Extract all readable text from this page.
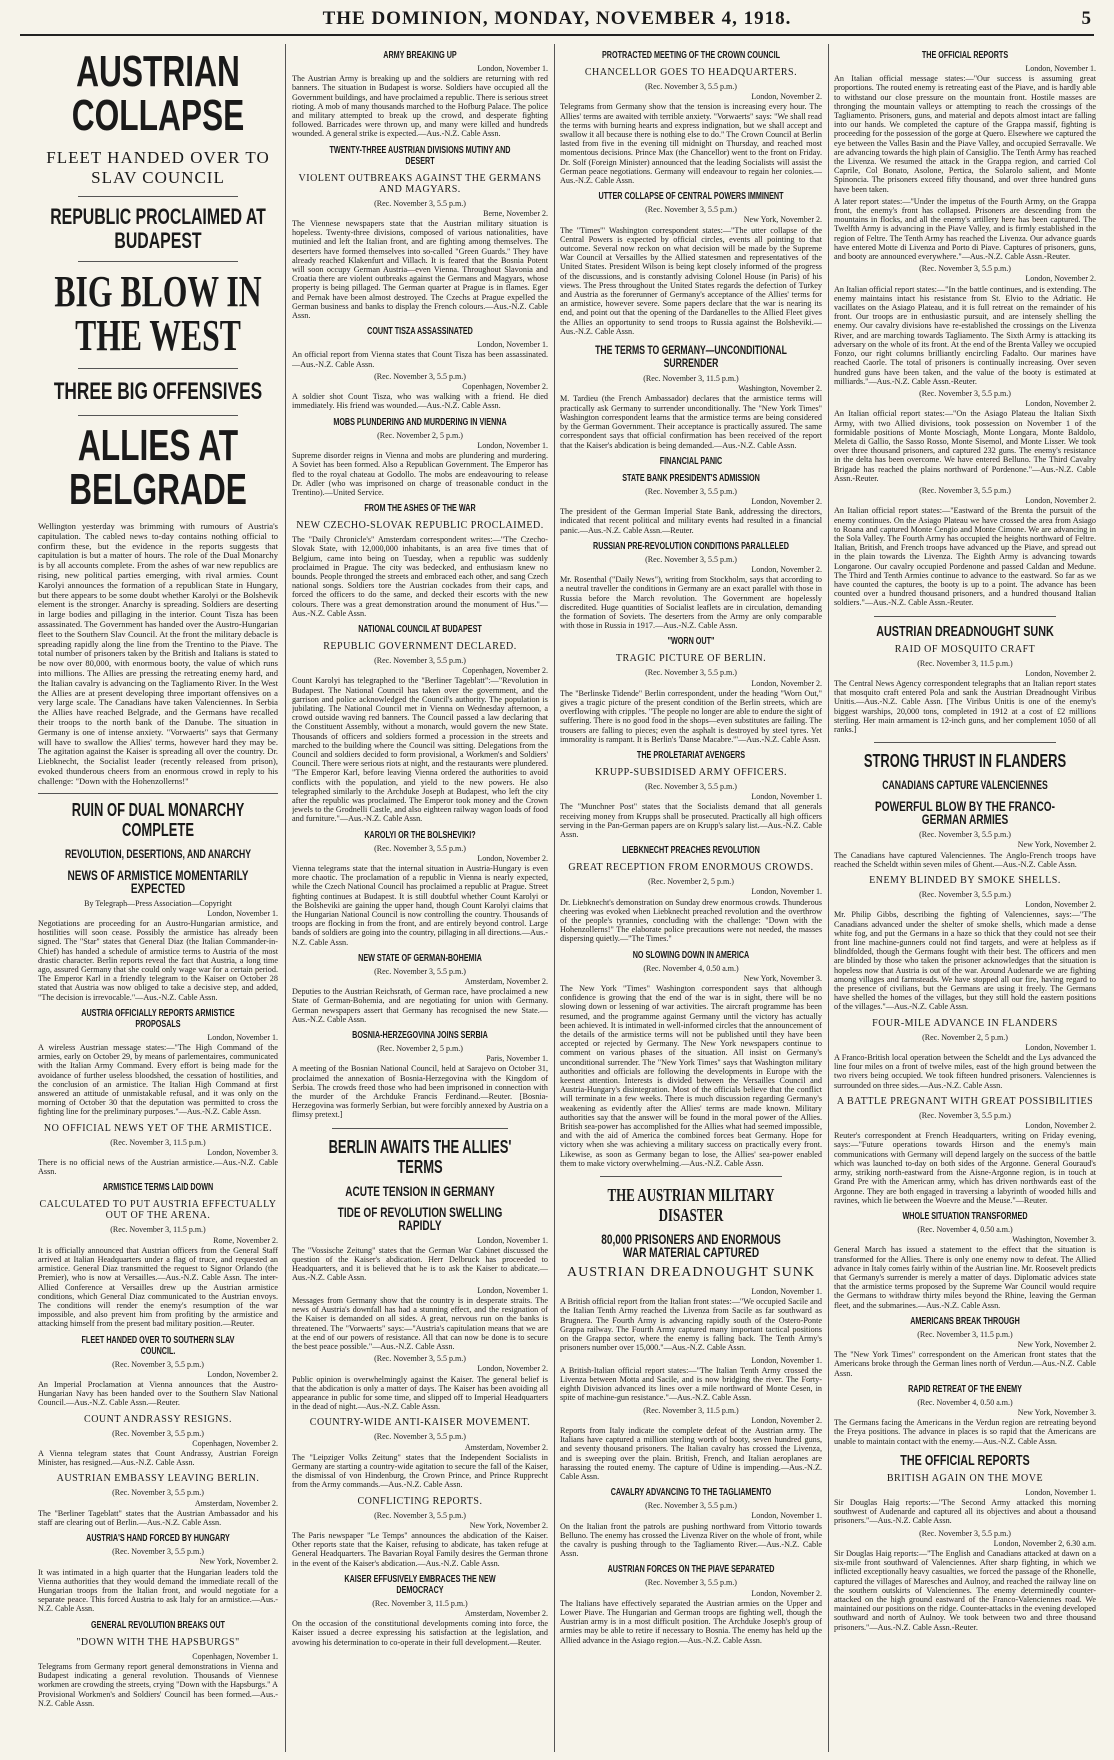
THE DOMINION, MONDAY, NOVEMBER 4, 1918.	5
AUSTRIAN COLLAPSE
FLEET HANDED OVER TO SLAV COUNCIL
REPUBLIC PROCLAIMED AT BUDAPEST
BIG BLOW IN THE WEST
THREE BIG OFFENSIVES
ALLIES AT BELGRADE
Wellington yesterday was brimming with rumours of Austria's capitulation. The cabled news to-day contains nothing official to confirm these, but the evidence in the reports suggests that capitulation is but a matter of hours. The role of the Dual Monarchy is by all accounts complete. From the ashes of war new republics are rising, new political parties emerging, with rival armies. Count Karolyi announces the formation of a republican State in Hungary, but there appears to be some doubt whether Karolyi or the Bolshevik element is the stronger. Anarchy is spreading. Soldiers are deserting in large bodies and pillaging in the interior. Count Tisza has been assassinated. The Government has handed over the Austro-Hungarian fleet to the Southern Slav Council. At the front the military debacle is spreading rapidly along the line from the Trentino to the Piave. The total number of prisoners taken by the British and Italians is stated to be now over 80,000, with enormous booty, the value of which runs into millions. The Allies are pressing the retreating enemy hard, and the Italian cavalry is advancing on the Tagliamento River. In the West the Allies are at present developing three important offensives on a very large scale. The Canadians have taken Valenciennes. In Serbia the Allies have reached Belgrade, and the Germans have recalled their troops to the north bank of the Danube. The situation in Germany is one of intense anxiety. "Vorwaerts" says that Germany will have to swallow the Allies' terms, however hard they may be. The agitation against the Kaiser is spreading all over the country. Dr. Liebknecht, the Socialist leader (recently released from prison), evoked thunderous cheers from an enormous crowd in reply to his challenge: "Down with the Hohenzollerns!"
RUIN OF DUAL MONARCHY COMPLETE
REVOLUTION, DESERTIONS, AND ANARCHY
NEWS OF ARMISTICE MOMENTARILY EXPECTED
By Telegraph—Press Association—Copyright
London, November 1.
Negotiations are proceeding for an Austro-Hungarian armistice, and hostilities will soon cease. Possibly the armistice has already been signed. The "Star" states that General Diaz (the Italian Commander-in-Chief) has handed a schedule of armistice terms to Austria of the most drastic character. Berlin reports reveal the fact that Austria, a long time ago, assured Germany that she could only wage war for a certain period. The Emperor Karl in a friendly telegram to the Kaiser on October 28 stated that Austria was now obliged to take a decisive step, and added, "The decision is irrevocable."—Aus.-N.Z. Cable Assn.
AUSTRIA OFFICIALLY REPORTS ARMISTICE PROPOSALS
London, November 1.
A wireless Austrian message states:—"The High Command of the armies, early on October 29, by means of parlementaires, communicated with the Italian Army Command. Every effort is being made for the avoidance of further useless bloodshed, the cessation of hostilities, and the conclusion of an armistice. The Italian High Command at first answered an attitude of unmistakable refusal, and it was only on the morning of October 30 that the deputation was permitted to cross the fighting line for the preliminary purposes."—Aus.-N.Z. Cable Assn.
NO OFFICIAL NEWS YET OF THE ARMISTICE.
(Rec. November 3, 11.5 p.m.)
London, November 3.
There is no official news of the Austrian armistice.—Aus.-N.Z. Cable Assn.
ARMISTICE TERMS LAID DOWN
CALCULATED TO PUT AUSTRIA EFFECTUALLY OUT OF THE ARENA.
(Rec. November 3, 11.5 p.m.)
Rome, November 2.
It is officially announced that Austrian officers from the General Staff arrived at Italian Headquarters under a flag of truce, and requested an armistice. General Diaz transmitted the request to Signor Orlando (the Premier), who is now at Versailles.—Aus.-N.Z. Cable Assn. The inter-Allied Conference at Versailles drew up the Austrian armistice conditions, which General Diaz communicated to the Austrian envoys. The conditions will render the enemy's resumption of the war impossible, and also prevent him from profiting by the armistice and attacking himself from the present bad military position.—Reuter.
FLEET HANDED OVER TO SOUTHERN SLAV COUNCIL.
(Rec. November 3, 5.5 p.m.)
London, November 2.
An Imperial Proclamation at Vienna announces that the Austro-Hungarian Navy has been handed over to the Southern Slav National Council.—Aus.-N.Z. Cable Assn.—Reuter.
COUNT ANDRASSY RESIGNS.
(Rec. November 3, 5.5 p.m.)
Copenhagen, November 2.
A Vienna telegram states that Count Andrassy, Austrian Foreign Minister, has resigned.—Aus.-N.Z. Cable Assn.
AUSTRIAN EMBASSY LEAVING BERLIN.
(Rec. November 3, 5.5 p.m.)
Amsterdam, November 2.
The "Berliner Tageblatt" states that the Austrian Ambassador and his staff are clearing out of Berlin.—Aus.-N.Z. Cable Assn.
AUSTRIA'S HAND FORCED BY HUNGARY
(Rec. November 3, 5.5 p.m.)
New York, November 2.
It was intimated in a high quarter that the Hungarian leaders told the Vienna authorities that they would demand the immediate recall of the Hungarian troops from the Italian front, and would negotiate for a separate peace. This forced Austria to ask Italy for an armistice.—Aus.-N.Z. Cable Assn.
GENERAL REVOLUTION BREAKS OUT
"DOWN WITH THE HAPSBURGS"
Copenhagen, November 1.
Telegrams from Germany report general demonstrations in Vienna and Budapest indicating a general revolution. Thousands of Viennese workmen are crowding the streets, crying "Down with the Hapsburgs." A Provisional Workmen's and Soldiers' Council has been formed.—Aus.-N.Z. Cable Assn.
ARMY BREAKING UP
London, November 1.
The Austrian Army is breaking up and the soldiers are returning with red banners. The situation in Budapest is worse. Soldiers have occupied all the Government buildings, and have proclaimed a republic. There is serious street rioting. A mob of many thousands marched to the Hofburg Palace. The police and military attempted to break up the crowd, and desperate fighting followed. Barricades were thrown up, and many were killed and hundreds wounded. A general strike is expected.—Aus.-N.Z. Cable Assn.
TWENTY-THREE AUSTRIAN DIVISIONS MUTINY AND DESERT
VIOLENT OUTBREAKS AGAINST THE GERMANS AND MAGYARS.
(Rec. November 3, 5.5 p.m.)
Berne, November 2.
The Viennese newspapers state that the Austrian military situation is hopeless. Twenty-three divisions, composed of various nationalities, have mutinied and left the Italian front, and are fighting among themselves. The deserters have formed themselves into so-called "Green Guards." They have already reached Klakenfurt and Villach. It is feared that the Bosnia Potent will soon occupy German Austria—even Vienna. Throughout Slavonia and Croatia there are violent outbreaks against the Germans and Magyars, whose property is being pillaged. The German quarter at Prague is in flames. Eger and Pernak have been almost destroyed. The Czechs at Prague expelled the German business and banks to display the French colours.—Aus.-N.Z. Cable Assn.
COUNT TISZA ASSASSINATED
London, November 1.
An official report from Vienna states that Count Tisza has been assassinated.—Aus.-N.Z. Cable Assn.
(Rec. November 3, 5.5 p.m.)
Copenhagen, November 2.
A soldier shot Count Tisza, who was walking with a friend. He died immediately. His friend was wounded.—Aus.-N.Z. Cable Assn.
MOBS PLUNDERING AND MURDERING IN VIENNA
(Rec. November 2, 5 p.m.)
London, November 1.
Supreme disorder reigns in Vienna and mobs are plundering and murdering. A Soviet has been formed. Also a Republican Government. The Emperor has fled to the royal chateau at Godollo. The mobs are endeavouring to release Dr. Adler (who was imprisoned on charge of treasonable conduct in the Trentino).—United Service.
FROM THE ASHES OF THE WAR
NEW CZECHO-SLOVAK REPUBLIC PROCLAIMED.
The "Daily Chronicle's" Amsterdam correspondent writes:—"The Czecho-Slovak State, with 12,000,000 inhabitants, is an area five times that of Belgium, came into being on Tuesday, when a republic was suddenly proclaimed in Prague. The city was bedecked, and enthusiasm knew no bounds. People thronged the streets and embraced each other, and sang Czech national songs. Soldiers tore the Austrian cockades from their caps, and forced the officers to do the same, and decked their escorts with the new colours. There was a great demonstration around the monument of Hus."—Aus.-N.Z. Cable Assn.
NATIONAL COUNCIL AT BUDAPEST
REPUBLIC GOVERNMENT DECLARED.
(Rec. November 3, 5.5 p.m.)
Copenhagen, November 2.
Count Karolyi has telegraphed to the "Berliner Tageblatt":—"Revolution in Budapest. The National Council has taken over the government, and the garrison and police acknowledged the Council's authority. The population is jubilating. The National Council met in Vienna on Wednesday afternoon, a crowd outside waving red banners. The Council passed a law declaring that the Constituent Assembly, without a monarch, would govern the new State. Thousands of officers and soldiers formed a procession in the streets and marched to the building where the Council was sitting. Delegations from the Council and soldiers decided to form provisional, a Workmen's and Soldiers' Council. There were serious riots at night, and the restaurants were plundered. "The Emperor Karl, before leaving Vienna ordered the authorities to avoid conflicts with the population, and yield to the new powers. He also telegraphed similarly to the Archduke Joseph at Budapest, who left the city after the republic was proclaimed. The Emperor took money and the Crown jewels to the Grodnelli Castle, and also eighteen railway wagon loads of food and furniture."—Aus.-N.Z. Cable Assn.
KAROLYI OR THE BOLSHEVIKI?
(Rec. November 3, 5.5 p.m.)
London, November 2.
Vienna telegrams state that the internal situation in Austria-Hungary is even more chaotic. The proclamation of a republic in Vienna is nearly expected, while the Czech National Council has proclaimed a republic at Prague. Street fighting continues at Budapest. It is still doubtful whether Count Karolyi or the Bolsheviki are gaining the upper hand, though Count Karolyi claims that the Hungarian National Council is now controlling the country. Thousands of troops are flocking in from the front, and are entirely beyond control. Large bands of soldiers are going into the country, pillaging in all directions.—Aus.-N.Z. Cable Assn.
NEW STATE OF GERMAN-BOHEMIA
(Rec. November 3, 5.5 p.m.)
Amsterdam, November 2.
Deputies to the Austrian Reichsrath, of German race, have proclaimed a new State of German-Bohemia, and are negotiating for union with Germany. German newspapers assert that Germany has recognised the new State.—Aus.-N.Z. Cable Assn.
BOSNIA-HERZEGOVINA JOINS SERBIA
(Rec. November 2, 5 p.m.)
Paris, November 1.
A meeting of the Bosnian National Council, held at Sarajevo on October 31, proclaimed the annexation of Bosnia-Herzegovina with the Kingdom of Serbia. The crowds freed those who had been imprisoned in connection with the murder of the Archduke Francis Ferdinand.—Reuter. [Bosnia-Herzegovina was formerly Serbian, but were forcibly annexed by Austria on a flimsy pretext.]
BERLIN AWAITS THE ALLIES' TERMS
ACUTE TENSION IN GERMANY
TIDE OF REVOLUTION SWELLING RAPIDLY
London, November 1.
The "Vossische Zeitung" states that the German War Cabinet discussed the question of the Kaiser's abdication. Herr Delbruck has proceeded to Headquarters, and it is believed that he is to ask the Kaiser to abdicate.—Aus.-N.Z. Cable Assn.
London, November 1.
Messages from Germany show that the country is in desperate straits. The news of Austria's downfall has had a stunning effect, and the resignation of the Kaiser is demanded on all sides. A great, nervous run on the banks is threatened. The "Vorwaerts" says:—"Austria's capitulation means that we are at the end of our powers of resistance. All that can now be done is to secure the best peace possible."—Aus.-N.Z. Cable Assn.
(Rec. November 3, 5.5 p.m.)
London, November 2.
Public opinion is overwhelmingly against the Kaiser. The general belief is that the abdication is only a matter of days. The Kaiser has been avoiding all appearance in public for some time, and slipped off to Imperial Headquarters in the dead of night.—Aus.-N.Z. Cable Assn.
COUNTRY-WIDE ANTI-KAISER MOVEMENT.
(Rec. November 3, 5.5 p.m.)
Amsterdam, November 2.
The "Leipziger Volks Zeitung" states that the Independent Socialists in Germany are starting a country-wide agitation to secure the fall of the Kaiser, the dismissal of von Hindenburg, the Crown Prince, and Prince Rupprecht from the Army commands.—Aus.-N.Z. Cable Assn.
CONFLICTING REPORTS.
(Rec. November 3, 5.5 p.m.)
New York, November 2.
The Paris newspaper "Le Temps" announces the abdication of the Kaiser. Other reports state that the Kaiser, refusing to abdicate, has taken refuge at General Headquarters. The Bavarian Royal Family desires the German throne in the event of the Kaiser's abdication.—Aus.-N.Z. Cable Assn.
KAISER EFFUSIVELY EMBRACES THE NEW DEMOCRACY
(Rec. November 3, 11.5 p.m.)
Amsterdam, November 2.
On the occasion of the constitutional developments coming into force, the Kaiser issued a decree expressing his satisfaction at the legislation, and avowing his determination to co-operate in their full development.—Reuter.
PROTRACTED MEETING OF THE CROWN COUNCIL
CHANCELLOR GOES TO HEADQUARTERS.
(Rec. November 3, 5.5 p.m.)
London, November 2.
Telegrams from Germany show that the tension is increasing every hour. The Allies' terms are awaited with terrible anxiety. "Vorwaerts" says: "We shall read the terms with burning hearts and express indignation, but we shall accept and swallow it all because there is nothing else to do." The Crown Council at Berlin lasted from five in the evening till midnight on Thursday, and reached most momentous decisions. Prince Max (the Chancellor) went to the front on Friday. Dr. Solf (Foreign Minister) announced that the leading Socialists will assist the German peace negotiations. Germany will endeavour to regain her colonies.—Aus.-N.Z. Cable Assn.
UTTER COLLAPSE OF CENTRAL POWERS IMMINENT
(Rec. November 3, 5.5 p.m.)
New York, November 2.
The "Times'" Washington correspondent states:—"The utter collapse of the Central Powers is expected by official circles, events all pointing to that outcome. Several now reckon on what decision will be made by the Supreme War Council at Versailles by the Allied statesmen and representatives of the United States. President Wilson is being kept closely informed of the progress of the discussions, and is constantly advising Colonel House (in Paris) of his views. The Press throughout the United States regards the defection of Turkey and Austria as the forerunner of Germany's acceptance of the Allies' terms for an armistice, however severe. Some papers declare that the war is nearing its end, and point out that the opening of the Dardanelles to the Allied Fleet gives the Allies an opportunity to send troops to Russia against the Bolsheviki.—Aus.-N.Z. Cable Assn.
THE TERMS TO GERMANY—UNCONDITIONAL SURRENDER
(Rec. November 3, 11.5 p.m.)
Washington, November 2.
M. Tardieu (the French Ambassador) declares that the armistice terms will practically ask Germany to surrender unconditionally. The "New York Times" Washington correspondent learns that the armistice terms are being considered by the German Government. Their acceptance is practically assured. The same correspondent says that official confirmation has been received of the report that the Kaiser's abdication is being demanded.—Aus.-N.Z. Cable Assn.
FINANCIAL PANIC
STATE BANK PRESIDENT'S ADMISSION
(Rec. November 3, 5.5 p.m.)
London, November 2.
The president of the German Imperial State Bank, addressing the directors, indicated that recent political and military events had resulted in a financial panic.—Aus.-N.Z. Cable Assn.—Reuter.
RUSSIAN PRE-REVOLUTION CONDITIONS PARALLELED
(Rec. November 3, 5.5 p.m.)
London, November 2.
Mr. Rosenthal ("Daily News"), writing from Stockholm, says that according to a neutral traveller the conditions in Germany are an exact parallel with those in Russia before the March revolution. The Government are hopelessly discredited. Huge quantities of Socialist leaflets are in circulation, demanding the formation of Soviets. The deserters from the Army are only comparable with those in Russia in 1917.—Aus.-N.Z. Cable Assn.
"WORN OUT"
TRAGIC PICTURE OF BERLIN.
(Rec. November 3, 5.5 p.m.)
London, November 2.
The "Berlinske Tidende" Berlin correspondent, under the heading "Worn Out," gives a tragic picture of the present condition of the Berlin streets, which are overflowing with cripples. "The people no longer are able to endure the sight of suffering. There is no good food in the shops—even substitutes are failing. The trousers are falling to pieces; even the asphalt is destroyed by steel tyres. Yet immorality is rampant. It is Berlin's 'Danse Macabre.'"—Aus.-N.Z. Cable Assn.
THE PROLETARIAT AVENGERS
KRUPP-SUBSIDISED ARMY OFFICERS.
(Rec. November 3, 5.5 p.m.)
London, November 1.
The "Munchner Post" states that the Socialists demand that all generals receiving money from Krupps shall be prosecuted. Practically all high officers serving in the Pan-German papers are on Krupp's salary list.—Aus.-N.Z. Cable Assn.
LIEBKNECHT PREACHES REVOLUTION
GREAT RECEPTION FROM ENORMOUS CROWDS.
(Rec. November 2, 5 p.m.)
London, November 1.
Dr. Liebknecht's demonstration on Sunday drew enormous crowds. Thunderous cheering was evoked when Liebknecht preached revolution and the overthrow of the people's tyrannies, concluding with the challenge: "Down with the Hohenzollerns!" The elaborate police precautions were not needed, the masses dispersing quietly.—"The Times."
NO SLOWING DOWN IN AMERICA
(Rec. November 4, 0.50 a.m.)
New York, November 3.
The New York "Times" Washington correspondent says that although confidence is growing that the end of the war is in sight, there will be no slowing down or lessening of war activities. The aircraft programme has been resumed, and the programme against Germany until the victory has actually been achieved. It is intimated in well-informed circles that the announcement of the details of the armistice terms will not be published until they have been accepted or rejected by Germany. The New York newspapers continue to comment on various phases of the situation. All insist on Germany's unconditional surrender. The "New York Times" says that Washington military authorities and officials are following the developments in Europe with the keenest attention. Interests is divided between the Versailles Council and Austria-Hungary's disintegration. Most of the officials believe that the conflict will terminate in a few weeks. There is much discussion regarding Germany's weakening as evidently after the Allies' terms are made known. Military authorities say that the answer will be found in the moral power of the Allies. British sea-power has accomplished for the Allies what had seemed impossible, and with the aid of America the combined forces beat Germany. Hope for victory when she was achieving a military success on practically every front. Likewise, as soon as Germany began to lose, the Allies' sea-power enabled them to make victory overwhelming.—Aus.-N.Z. Cable Assn.
THE AUSTRIAN MILITARY DISASTER
80,000 PRISONERS AND ENORMOUS WAR MATERIAL CAPTURED
AUSTRIAN DREADNOUGHT SUNK
London, November 1.
A British official report from the Italian front states:—"We occupied Sacile and the Italian Tenth Army reached the Livenza from Sacile as far southward as Brugnera. The Fourth Army is advancing rapidly south of the Ostero-Ponte Grappa railway. The Fourth Army captured many important tactical positions on the Grappa sector, where the enemy is falling back. The Tenth Army's prisoners number over 15,000."—Aus.-N.Z. Cable Assn.
London, November 1.
A British-Italian official report states:—"The Italian Tenth Army crossed the Livenza between Motta and Sacile, and is now bridging the river. The Forty-eighth Division advanced its lines over a mile northward of Monte Cesen, in spite of machine-gun resistance."—Aus.-N.Z. Cable Assn.
(Rec. November 3, 11.5 p.m.)
London, November 2.
Reports from Italy indicate the complete defeat of the Austrian army. The Italians have captured a million sterling worth of booty, seven hundred guns, and seventy thousand prisoners. The Italian cavalry has crossed the Livenza, and is sweeping over the plain. British, French, and Italian aeroplanes are harassing the routed enemy. The capture of Udine is impending.—Aus.-N.Z. Cable Assn.
CAVALRY ADVANCING TO THE TAGLIAMENTO
(Rec. November 3, 5.5 p.m.)
London, November 1.
On the Italian front the patrols are pushing northward from Vittorio towards Belluno. The enemy has crossed the Livenza River on the whole of front, while the cavalry is pushing through to the Tagliamento River.—Aus.-N.Z. Cable Assn.
AUSTRIAN FORCES ON THE PIAVE SEPARATED
(Rec. November 3, 5.5 p.m.)
London, November 2.
The Italians have effectively separated the Austrian armies on the Upper and Lower Piave. The Hungarian and German troops are fighting well, though the Austrian army is in a most difficult position. The Archduke Joseph's group of armies may be able to retire if necessary to Bosnia. The enemy has held up the Allied advance in the Asiago region.—Aus.-N.Z. Cable Assn.
THE OFFICIAL REPORTS
London, November 1.
An Italian official message states:—"Our success is assuming great proportions. The routed enemy is retreating east of the Piave, and is hardly able to withstand our close pressure on the mountain front. Hostile masses are thronging the mountain valleys or attempting to reach the crossings of the Tagliamento. Prisoners, guns, and material and depots almost intact are falling into our hands. We completed the capture of the Grappa massif, fighting is proceeding for the possession of the gorge at Quero. Elsewhere we captured the eye between the Valles Basin and the Piave Valley, and occupied Serravalle. We are advancing towards the high plain of Cansiglio. The Tenth Army has reached the Livenza. We resumed the attack in the Grappa region, and carried Col Caprile, Col Bonato, Asolone, Pertica, the Solarolo salient, and Monte Spinoncia. The prisoners exceed fifty thousand, and over three hundred guns have been taken.
A later report states:—"Under the impetus of the Fourth Army, on the Grappa front, the enemy's front has collapsed. Prisoners are descending from the mountains in flocks, and all the enemy's artillery here has been captured. The Twelfth Army is advancing in the Piave Valley, and is firmly established in the region of Feltre. The Tenth Army has reached the Livenza. Our advance guards have entered Motte di Livenza and Porto di Piave. Captures of prisoners, guns, and booty are announced everywhere."—Aus.-N.Z. Cable Assn.-Reuter.
(Rec. November 3, 5.5 p.m.)
London, November 2.
An Italian official report states:—"In the battle continues, and is extending. The enemy maintains intact his resistance from St. Elvio to the Adriatic. He vacillates on the Asiago Plateau, and it is full retreat on the remainder of his front. Our troops are in enthusiastic pursuit, and are intensely shelling the enemy. Our cavalry divisions have re-established the crossings on the Livenza River, and are marching towards Tagliamento. The Sixth Army is attacking its adversary on the whole of its front. At the end of the Brenta Valley we occupied Fonzo, our right columns brilliantly encircling Fadalto. Our marines have reached Caorle. The total of prisoners is continually increasing. Over seven hundred guns have been taken, and the value of the booty is estimated at milliards."—Aus.-N.Z. Cable Assn.-Reuter.
(Rec. November 3, 5.5 p.m.)
London, November 2.
An Italian official report states:—"On the Asiago Plateau the Italian Sixth Army, with two Allied divisions, took possession on November 1 of the formidable positions of Monte Mosciagh, Monte Longara, Monte Baldolo, Meleta di Gallio, the Sasso Rosso, Monte Sisemol, and Monte Lisser. We took over three thousand prisoners, and captured 232 guns. The enemy's resistance in the delta has been overcome. We have entered Belluno. The Third Cavalry Brigade has reached the plains northward of Pordenone."—Aus.-N.Z. Cable Assn.-Reuter.
(Rec. November 3, 5.5 p.m.)
London, November 2.
An Italian official report states:—"Eastward of the Brenta the pursuit of the enemy continues. On the Asiago Plateau we have crossed the area from Asiago to Roana and captured Monte Cengio and Monte Cimone. We are advancing in the Sola Valley. The Fourth Army has occupied the heights northward of Feltre. Italian, British, and French troops have advanced up the Piave, and spread out in the plain towards the Livenza. The Eighth Army is advancing towards Longarone. Our cavalry occupied Pordenone and passed Caldan and Medune. The Third and Tenth Armies continue to advance to the eastward. So far as we have counted the captures, the booty is up to a point. The advance has been counted over a hundred thousand prisoners, and a hundred thousand Italian soldiers."—Aus.-N.Z. Cable Assn.-Reuter.
AUSTRIAN DREADNOUGHT SUNK
RAID OF MOSQUITO CRAFT
(Rec. November 3, 11.5 p.m.)
London, November 2.
The Central News Agency correspondent telegraphs that an Italian report states that mosquito craft entered Pola and sank the Austrian Dreadnought Viribus Unitis.—Aus.-N.Z. Cable Assn. [The Viribus Unitis is one of the enemy's biggest warships, 20,000 tons, completed in 1912 at a cost of £2 millions sterling. Her main armament is 12-inch guns, and her complement 1050 of all ranks.]
STRONG THRUST IN FLANDERS
CANADIANS CAPTURE VALENCIENNES
POWERFUL BLOW BY THE FRANCO-GERMAN ARMIES
(Rec. November 3, 5.5 p.m.)
New York, November 2.
The Canadians have captured Valenciennes. The Anglo-French troops have reached the Scheldt within seven miles of Ghent.—Aus.-N.Z. Cable Assn.
ENEMY BLINDED BY SMOKE SHELLS.
(Rec. November 3, 5.5 p.m.)
London, November 2.
Mr. Philip Gibbs, describing the fighting of Valenciennes, says:—"The Canadians advanced under the shelter of smoke shells, which made a dense white fog, and put the Germans in a haze so thick that they could not see their front line machine-gunners could not find targets, and were at helpless as if blindfolded, though the Germans fought with their best. The officers and men are blinded by those who taken the prisoner acknowledges that the situation is hopeless now that Austria is out of the war. Around Audenarde we are fighting among villages and farmsteads. We have stopped all our fire, having regard to the presence of civilians, but the Germans are using it freely. The Germans have shelled the homes of the villages, but they still hold the eastern positions of the villages."—Aus.-N.Z. Cable Assn.
FOUR-MILE ADVANCE IN FLANDERS
(Rec. November 2, 5 p.m.)
London, November 1.
A Franco-British local operation between the Scheldt and the Lys advanced the line four miles on a front of twelve miles, east of the high ground between the two rivers being occupied. We took fifteen hundred prisoners. Valenciennes is surrounded on three sides.—Aus.-N.Z. Cable Assn.
A BATTLE PREGNANT WITH GREAT POSSIBILITIES
(Rec. November 3, 5.5 p.m.)
London, November 2.
Reuter's correspondent at French Headquarters, writing on Friday evening, says:—"Future operations towards Hirson and the enemy's main communications with Germany will depend largely on the success of the battle which was launched to-day on both sides of the Argonne. General Gouraud's army, striking north-eastward from the Aisne-Argonne region, is in touch at Grand Pre with the American army, which has driven northwards east of the Argonne. They are both engaged in traversing a labyrinth of wooded hills and ravines, which lie between the Woevre and the Meuse."—Reuter.
WHOLE SITUATION TRANSFORMED
(Rec. November 4, 0.50 a.m.)
Washington, November 3.
General March has issued a statement to the effect that the situation is transformed for the Allies. There is only one enemy now to defeat. The Allied advance in Italy comes fairly within of the Austrian line. Mr. Roosevelt predicts that Germany's surrender is merely a matter of days. Diplomatic advices state that the armistice terms proposed by the Supreme War Council would require the Germans to withdraw thirty miles beyond the Rhine, leaving the German fleet, and the submarines.—Aus.-N.Z. Cable Assn.
AMERICANS BREAK THROUGH
(Rec. November 3, 11.5 p.m.)
New York, November 2.
The "New York Times" correspondent on the American front states that the Americans broke through the German lines north of Verdun.—Aus.-N.Z. Cable Assn.
RAPID RETREAT OF THE ENEMY
(Rec. November 4, 0.50 a.m.)
New York, November 3.
The Germans facing the Americans in the Verdun region are retreating beyond the Freya positions. The advance in places is so rapid that the Americans are unable to maintain contact with the enemy.—Aus.-N.Z. Cable Assn.
THE OFFICIAL REPORTS
BRITISH AGAIN ON THE MOVE
London, November 1.
Sir Douglas Haig reports:—"The Second Army attacked this morning southwest of Audenarde and captured all its objectives and about a thousand prisoners."—Aus.-N.Z. Cable Assn.
(Rec. November 3, 5.5 p.m.)
London, November 2, 6.30 a.m.
Sir Douglas Haig reports:—"The English and Canadians attacked at dawn on a six-mile front southward of Valenciennes. After sharp fighting, in which we inflicted exceptionally heavy casualties, we forced the passage of the Rhonelle, captured the villages of Maresches and Aulnoy, and reached the railway line on the southern outskirts of Valenciennes. The enemy determinedly counter-attacked on the high ground eastward of the Franco-Valenciennes road. We maintained our positions on the ridge. Counter-attacks in the evening developed southward and north of Aulnoy. We took between two and three thousand prisoners."—Aus.-N.Z. Cable Assn.-Reuter.
